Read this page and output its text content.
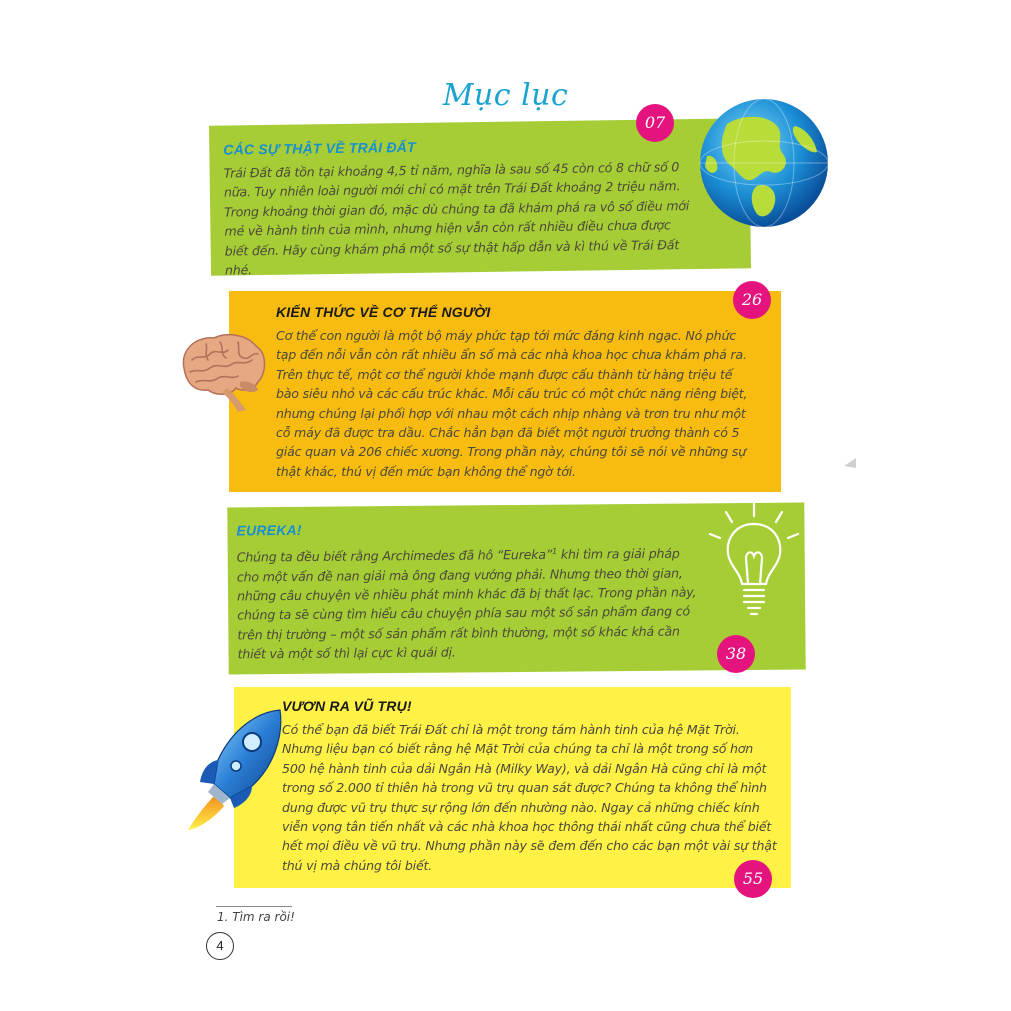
Mục lục
CÁC SỰ THẬT VỀ TRÁI ĐẤT

Trái Đất đã tồn tại khoảng 4,5 tỉ năm, nghĩa là sau số 45 còn có 8 chữ số 0 nữa. Tuy nhiên loài người mới chỉ có mặt trên Trái Đất khoảng 2 triệu năm. Trong khoảng thời gian đó, mặc dù chúng ta đã khám phá ra vô số điều mới mẻ về hành tinh của mình, nhưng hiện vẫn còn rất nhiều điều chưa được biết đến. Hãy cùng khám phá một số sự thật hấp dẫn và kì thú về Trái Đất nhé.

07
KIẾN THỨC VỀ CƠ THỂ NGƯỜI

Cơ thể con người là một bộ máy phức tạp tới mức đáng kinh ngạc. Nó phức tạp đến nỗi vẫn còn rất nhiều ẩn số mà các nhà khoa học chưa khám phá ra. Trên thực tế, một cơ thể người khỏe mạnh được cấu thành từ hàng triệu tế bào siêu nhỏ và các cấu trúc khác. Mỗi cấu trúc có một chức năng riêng biệt, nhưng chúng lại phối hợp với nhau một cách nhịp nhàng và trơn tru như một cỗ máy đã được tra dầu. Chắc hẳn bạn đã biết một người trưởng thành có 5 giác quan và 206 chiếc xương. Trong phần này, chúng tôi sẽ nói về những sự thật khác, thú vị đến mức bạn không thể ngờ tới.

26
EUREKA!

Chúng ta đều biết rằng Archimedes đã hô “Eureka”$^1$ khi tìm ra giải pháp cho một vấn đề nan giải mà ông đang vướng phải. Nhưng theo thời gian, những câu chuyện về nhiều phát minh khác đã bị thất lạc. Trong phần này, chúng ta sẽ cùng tìm hiểu câu chuyện phía sau một số sản phẩm đang có trên thị trường – một số sản phẩm rất bình thường, một số khác khá cần thiết và một số thì lại cực kì quái dị.	38
VƯƠN RA VŨ TRỤ!

Có thể bạn đã biết Trái Đất chỉ là một trong tám hành tinh của hệ Mặt Trời. Nhưng liệu bạn có biết rằng hệ Mặt Trời của chúng ta chỉ là một trong số hơn 500 hệ hành tinh của dải Ngân Hà (Milky Way), và dải Ngân Hà cũng chỉ là một trong số 2.000 tỉ thiên hà trong vũ trụ quan sát được? Chúng ta không thể hình dung được vũ trụ thực sự rộng lớn đến nhường nào. Ngay cả những chiếc kính viễn vọng tân tiến nhất và các nhà khoa học thông thái nhất cũng chưa thể biết hết mọi điều về vũ trụ. Nhưng phần này sẽ đem đến cho các bạn một vài sự thật thú vị mà chúng tôi biết.

55
1. Tìm ra rồi!
4
